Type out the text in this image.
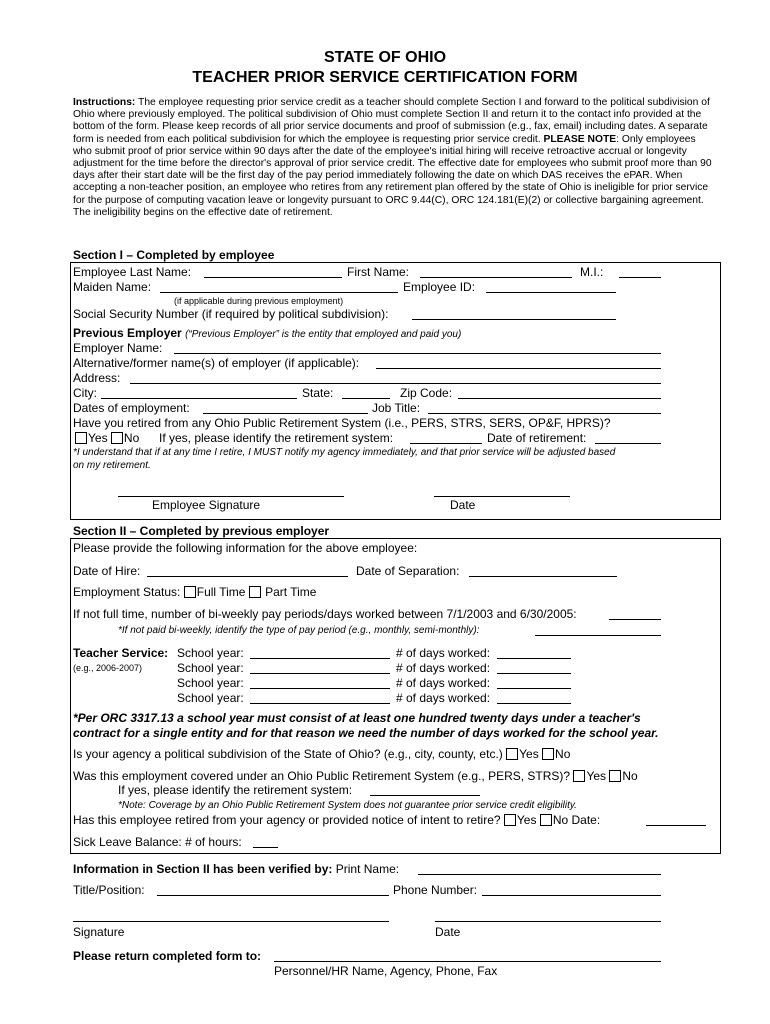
STATE OF OHIO
TEACHER PRIOR SERVICE CERTIFICATION FORM
Instructions: The employee requesting prior service credit as a teacher should complete Section I and forward to the political subdivision of Ohio where previously employed. The political subdivision of Ohio must complete Section II and return it to the contact info provided at the bottom of the form. Please keep records of all prior service documents and proof of submission (e.g., fax, email) including dates. A separate form is needed from each political subdivision for which the employee is requesting prior service credit. PLEASE NOTE: Only employees who submit proof of prior service within 90 days after the date of the employee's initial hiring will receive retroactive accrual or longevity adjustment for the time before the director's approval of prior service credit. The effective date for employees who submit proof more than 90 days after their start date will be the first day of the pay period immediately following the date on which DAS receives the ePAR. When accepting a non-teacher position, an employee who retires from any retirement plan offered by the state of Ohio is ineligible for prior service for the purpose of computing vacation leave or longevity pursuant to ORC 9.44(C), ORC 124.181(E)(2) or collective bargaining agreement. The ineligibility begins on the effective date of retirement.
Section I – Completed by employee
Employee Last Name:	First Name:	M.I.:
Maiden Name:	Employee ID:
(if applicable during previous employment)
Social Security Number (if required by political subdivision):
Previous Employer (“Previous Employer” is the entity that employed and paid you)
Employer Name:
Alternative/former name(s) of employer (if applicable):
Address:
City:	State:	Zip Code:
Dates of employment:	Job Title:
Have you retired from any Ohio Public Retirement System (i.e., PERS, STRS, SERS, OP&F, HPRS)?
Yes No If yes, please identify the retirement system:	Date of retirement:
*I understand that if at any time I retire, I MUST notify my agency immediately, and that prior service will be adjusted based
on my retirement.
Employee Signature	Date
Section II – Completed by previous employer
Please provide the following information for the above employee:
Date of Hire:	Date of Separation:
Employment Status: Full Time Part Time
If not full time, number of bi-weekly pay periods/days worked between 7/1/2003 and 6/30/2005:
*If not paid bi-weekly, identify the type of pay period (e.g., monthly, semi-monthly):
Teacher Service:
(e.g., 2006-2007)
School year:	# of days worked:
School year:	# of days worked:
School year:	# of days worked:
School year:	# of days worked:
*Per ORC 3317.13 a school year must consist of at least one hundred twenty days under a teacher's
contract for a single entity and for that reason we need the number of days worked for the school year.
Is your agency a political subdivision of the State of Ohio? (e.g., city, county, etc.) Yes No
Was this employment covered under an Ohio Public Retirement System (e.g., PERS, STRS)? Yes No
If yes, please identify the retirement system:
*Note: Coverage by an Ohio Public Retirement System does not guarantee prior service credit eligibility.
Has this employee retired from your agency or provided notice of intent to retire? Yes No Date:
Sick Leave Balance: # of hours:
Information in Section II has been verified by: Print Name:
Title/Position:	Phone Number:
Signature	Date
Please return completed form to:
Personnel/HR Name, Agency, Phone, Fax
